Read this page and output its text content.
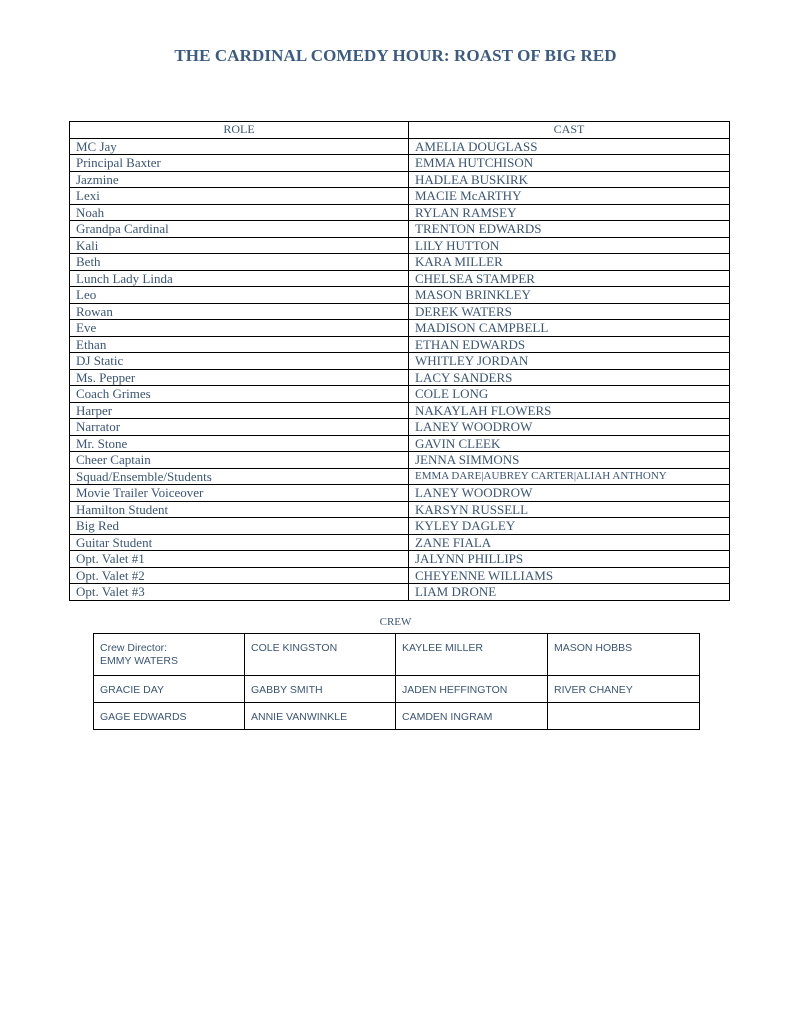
THE CARDINAL COMEDY HOUR: ROAST OF BIG RED
ROLE	CAST
MC Jay	AMELIA DOUGLASS
Principal Baxter	EMMA HUTCHISON
Jazmine	HADLEA BUSKIRK
Lexi	MACIE McARTHY
Noah	RYLAN RAMSEY
Grandpa Cardinal	TRENTON EDWARDS
Kali	LILY HUTTON
Beth	KARA MILLER
Lunch Lady Linda	CHELSEA STAMPER
Leo	MASON BRINKLEY
Rowan	DEREK WATERS
Eve	MADISON CAMPBELL
Ethan	ETHAN EDWARDS
DJ Static	WHITLEY JORDAN
Ms. Pepper	LACY SANDERS
Coach Grimes	COLE LONG
Harper	NAKAYLAH FLOWERS
Narrator	LANEY WOODROW
Mr. Stone	GAVIN CLEEK
Cheer Captain	JENNA SIMMONS
Squad/Ensemble/Students	EMMA DARE|AUBREY CARTER|ALIAH ANTHONY
Movie Trailer Voiceover	LANEY WOODROW
Hamilton Student	KARSYN RUSSELL
Big Red	KYLEY DAGLEY
Guitar Student	ZANE FIALA
Opt. Valet #1	JALYNN PHILLIPS
Opt. Valet #2	CHEYENNE WILLIAMS
Opt. Valet #3	LIAM DRONE
CREW
Crew Director:
EMMY WATERS	COLE KINGSTON	KAYLEE MILLER	MASON HOBBS

GRACIE DAY	GABBY SMITH	JADEN HEFFINGTON	RIVER CHANEY

GAGE EDWARDS	ANNIE VANWINKLE	CAMDEN INGRAM	
